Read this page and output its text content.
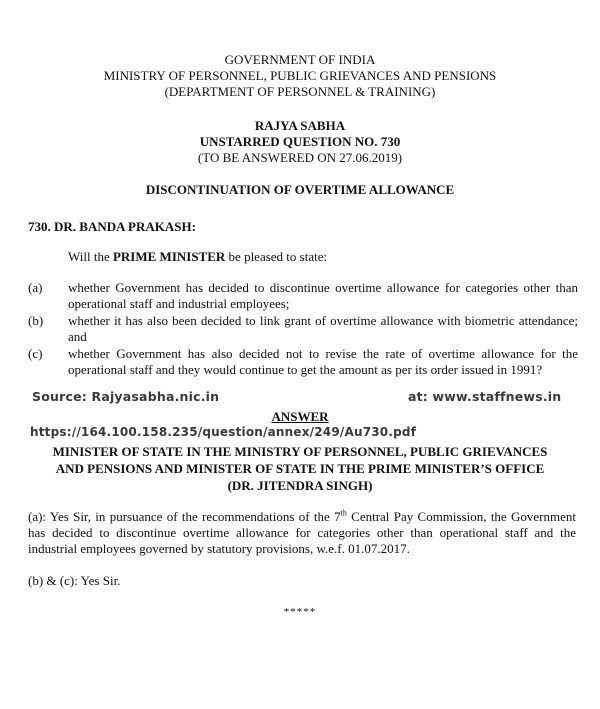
GOVERNMENT OF INDIA
MINISTRY OF PERSONNEL, PUBLIC GRIEVANCES AND PENSIONS
(DEPARTMENT OF PERSONNEL & TRAINING)
RAJYA SABHA
UNSTARRED QUESTION NO. 730
(TO BE ANSWERED ON 27.06.2019)
DISCONTINUATION OF OVERTIME ALLOWANCE
730. DR. BANDA PRAKASH:
Will the PRIME MINISTER be pleased to state:
(a) whether Government has decided to discontinue overtime allowance for categories other than operational staff and industrial employees;
(b) whether it has also been decided to link grant of overtime allowance with biometric attendance; and
(c) whether Government has also decided not to revise the rate of overtime allowance for the operational staff and they would continue to get the amount as per its order issued in 1991?
Source: Rajyasabha.nic.in	at: www.staffnews.in
ANSWER
https://164.100.158.235/question/annex/249/Au730.pdf
MINISTER OF STATE IN THE MINISTRY OF PERSONNEL, PUBLIC GRIEVANCES
AND PENSIONS AND MINISTER OF STATE IN THE PRIME MINISTER’S OFFICE
(DR. JITENDRA SINGH)
(a): Yes Sir, in pursuance of the recommendations of the 7th Central Pay Commission, the Government has decided to discontinue overtime allowance for categories other than operational staff and the industrial employees governed by statutory provisions, w.e.f. 01.07.2017.
(b) & (c): Yes Sir.
*****
